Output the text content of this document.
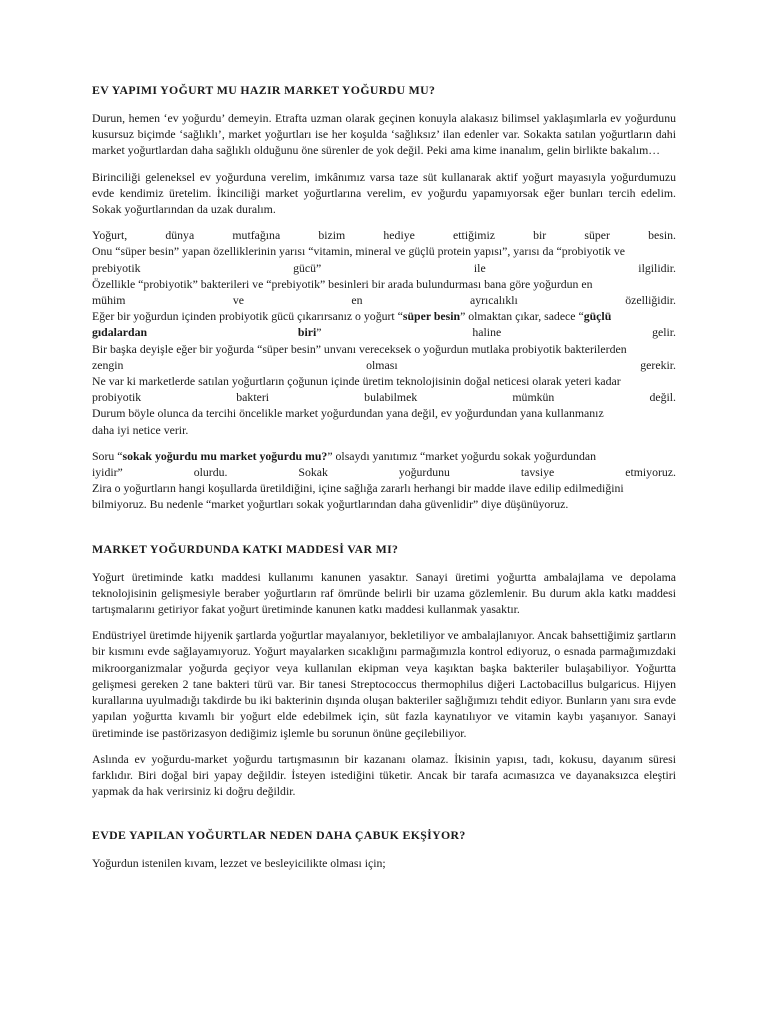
EV YAPIMI YOĞURT MU HAZIR MARKET YOĞURDU MU?

Durun, hemen ‘ev yoğurdu’ demeyin. Etrafta uzman olarak geçinen konuyla alakasız bilimsel yaklaşımlarla ev yoğurdunu kusursuz biçimde ‘sağlıklı’, market yoğurtları ise her koşulda ‘sağlıksız’ ilan edenler var. Sokakta satılan yoğurtların dahi market yoğurtlardan daha sağlıklı olduğunu öne sürenler de yok değil. Peki ama kime inanalım, gelin birlikte bakalım…

Birinciliği geleneksel ev yoğurduna verelim, imkânımız varsa taze süt kullanarak aktif yoğurt mayasıyla yoğurdumuzu evde kendimiz üretelim. İkinciliği market yoğurtlarına verelim, ev yoğurdu yapamıyorsak eğer bunları tercih edelim. Sokak yoğurtlarından da uzak duralım.

Yoğurt, dünya mutfağına bizim hediye ettiğimiz bir süper besin.
Onu “süper besin” yapan özelliklerinin yarısı “vitamin, mineral ve güçlü protein yapısı”, yarısı da “probiyotik ve
prebiyotik gücü” ile ilgilidir.
Özellikle “probiyotik” bakterileri ve “prebiyotik” besinleri bir arada bulundurması bana göre yoğurdun en
mühim ve en ayrıcalıklı özelliğidir.
Eğer bir yoğurdun içinden probiyotik gücü çıkarırsanız o yoğurt “süper besin” olmaktan çıkar, sadece “güçlü
gıdalardan biri” haline gelir.
Bir başka deyişle eğer bir yoğurda “süper besin” unvanı vereceksek o yoğurdun mutlaka probiyotik bakterilerden
zengin olması gerekir.
Ne var ki marketlerde satılan yoğurtların çoğunun içinde üretim teknolojisinin doğal neticesi olarak yeteri kadar
probiyotik bakteri bulabilmek mümkün değil.
Durum böyle olunca da tercihi öncelikle market yoğurdundan yana değil, ev yoğurdundan yana kullanmanız
daha iyi netice verir.
Soru “sokak yoğurdu mu market yoğurdu mu?” olsaydı yanıtımız “market yoğurdu sokak yoğurdundan
iyidir” olurdu. Sokak yoğurdunu tavsiye etmiyoruz.
Zira o yoğurtların hangi koşullarda üretildiğini, içine sağlığa zararlı herhangi bir madde ilave edilip edilmediğini
bilmiyoruz. Bu nedenle “market yoğurtları sokak yoğurtlarından daha güvenlidir” diye düşünüyoruz.
MARKET YOĞURDUNDA KATKI MADDESİ VAR MI?

Yoğurt üretiminde katkı maddesi kullanımı kanunen yasaktır. Sanayi üretimi yoğurtta ambalajlama ve depolama teknolojisinin gelişmesiyle beraber yoğurtların raf ömründe belirli bir uzama gözlemlenir. Bu durum akla katkı maddesi tartışmalarını getiriyor fakat yoğurt üretiminde kanunen katkı maddesi kullanmak yasaktır.

Endüstriyel üretimde hijyenik şartlarda yoğurtlar mayalanıyor, bekletiliyor ve ambalajlanıyor. Ancak bahsettiğimiz şartların bir kısmını evde sağlayamıyoruz. Yoğurt mayalarken sıcaklığını parmağımızla kontrol ediyoruz, o esnada parmağımızdaki mikroorganizmalar yoğurda geçiyor veya kullanılan ekipman veya kaşıktan başka bakteriler bulaşabiliyor. Yoğurtta gelişmesi gereken 2 tane bakteri türü var. Bir tanesi Streptococcus thermophilus diğeri Lactobacillus bulgaricus. Hijyen kurallarına uyulmadığı takdirde bu iki bakterinin dışında oluşan bakteriler sağlığımızı tehdit ediyor. Bunların yanı sıra evde yapılan yoğurtta kıvamlı bir yoğurt elde edebilmek için, süt fazla kaynatılıyor ve vitamin kaybı yaşanıyor. Sanayi üretiminde ise pastörizasyon dediğimiz işlemle bu sorunun önüne geçilebiliyor.

Aslında ev yoğurdu-market yoğurdu tartışmasının bir kazananı olamaz. İkisinin yapısı, tadı, kokusu, dayanım süresi farklıdır. Biri doğal biri yapay değildir. İsteyen istediğini tüketir. Ancak bir tarafa acımasızca ve dayanaksızca eleştiri yapmak da hak verirsiniz ki doğru değildir.

EVDE YAPILAN YOĞURTLAR NEDEN DAHA ÇABUK EKŞİYOR?

Yoğurdun istenilen kıvam, lezzet ve besleyicilikte olması için;
